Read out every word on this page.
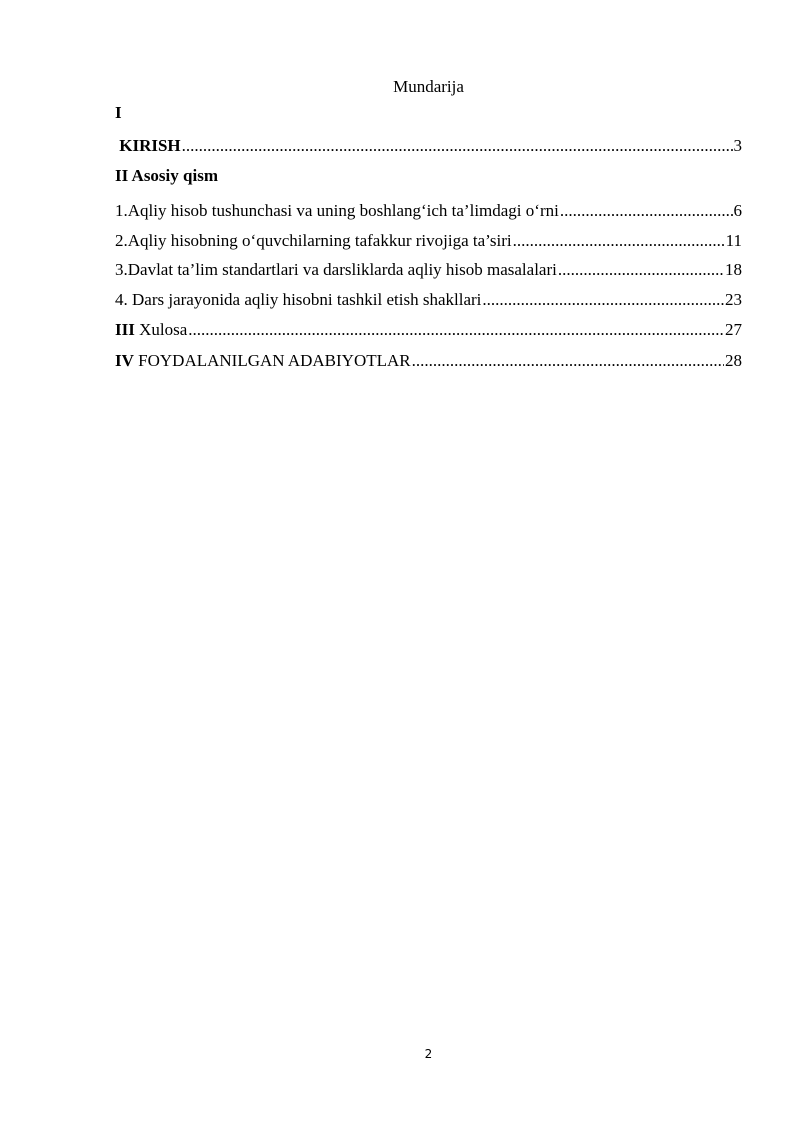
Mundarija
I
KIRISH .....	3
II Asosiy qism
1.Aqliy hisob tushunchasi va uning boshlang‘ich ta’limdagi o‘rni .....	6
2.Aqliy hisobning o‘quvchilarning tafakkur rivojiga ta’siri .....	11
3.Davlat ta’lim standartlari va darsliklarda aqliy hisob masalalari .....	18
4. Dars jarayonida aqliy hisobni tashkil etish shakllari .....	23
III Xulosa .....	27
IV FOYDALANILGAN ADABIYOTLAR .....	28
2
